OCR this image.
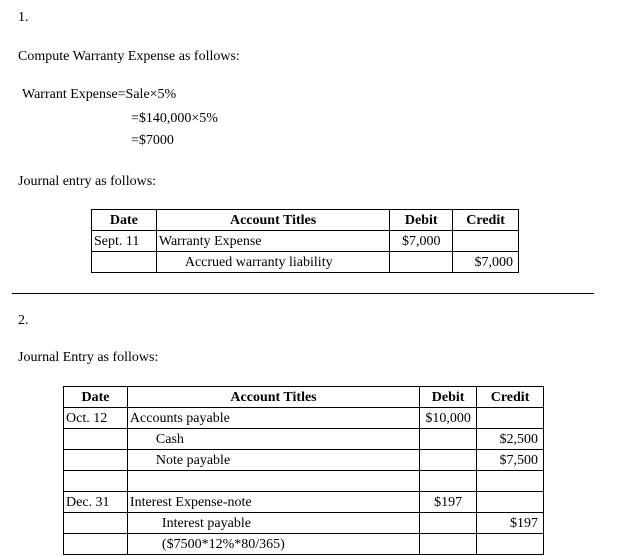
1.
Compute Warranty Expense as follows:
Warrant Expense=Sale×5%
=$140,000×5%
=$7000
Journal entry as follows:
Date	Account Titles	Debit	Credit
Sept. 11	Warranty Expense	$7,000	
	Accrued warranty liability		$7,000
2.
Journal Entry as follows:
Date	Account Titles	Debit	Credit
Oct. 12	Accounts payable	$10,000	
	Cash		$2,500
	Note payable		$7,500

Dec. 31	Interest Expense-note	$197	
	Interest payable		$197
	($7500*12%*80/365)		
